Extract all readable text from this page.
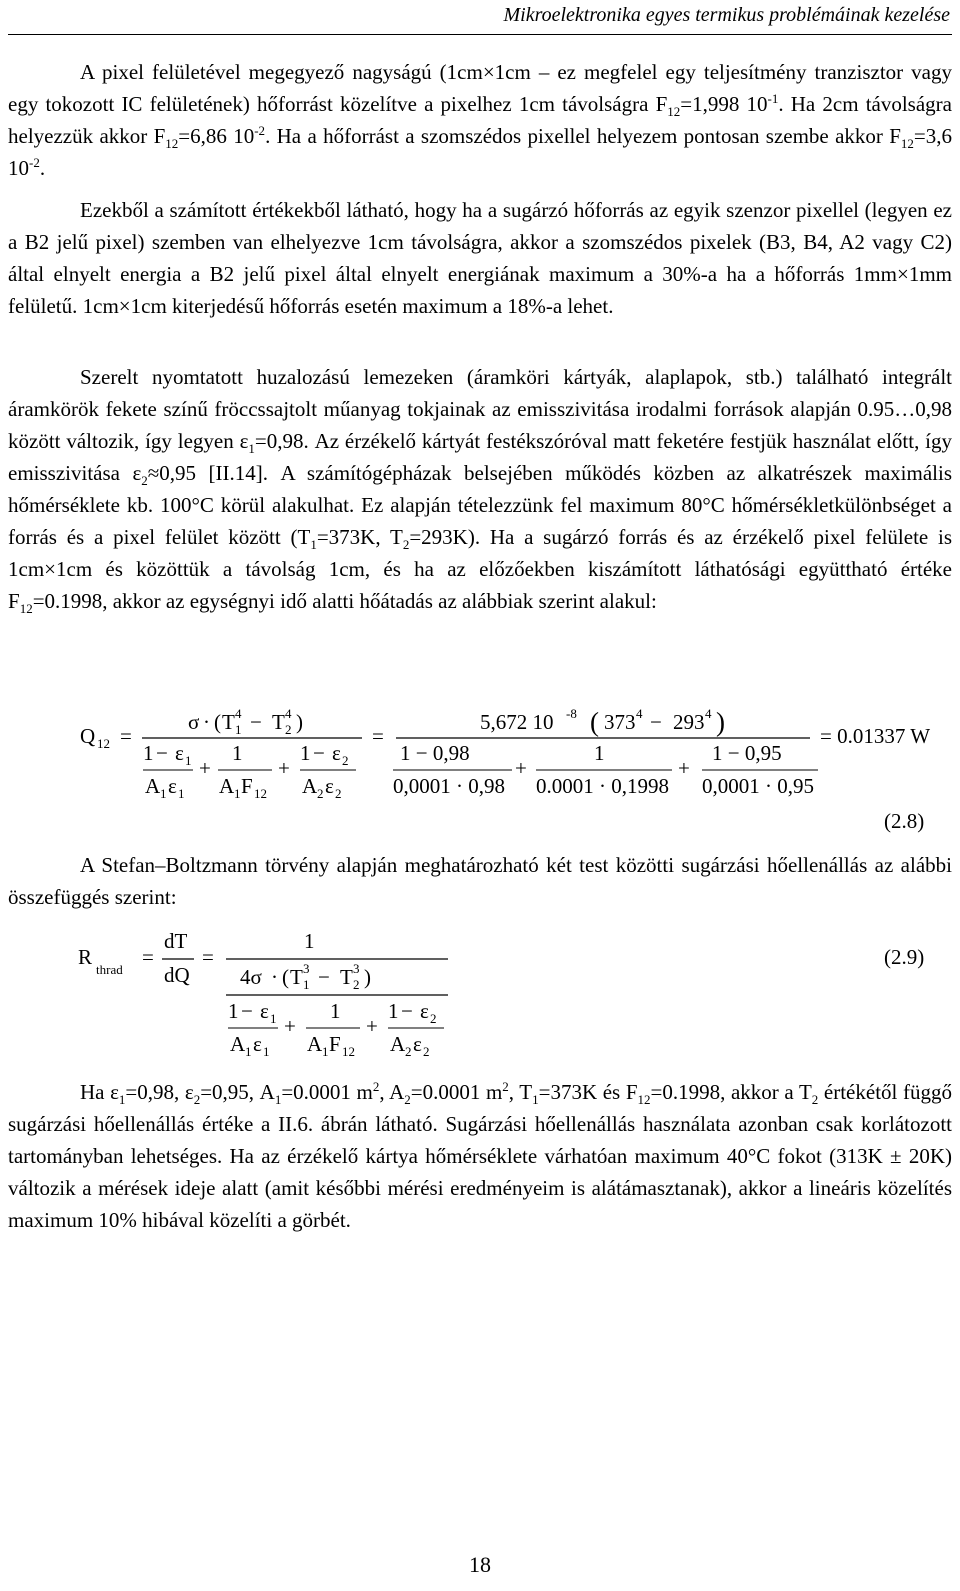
Mikroelektronika egyes termikus problémáinak kezelése

A pixel felületével megegyező nagyságú (1cm×1cm – ez megfelel egy teljesítmény tranzisztor vagy egy tokozott IC felületének) hőforrást közelítve a pixelhez 1cm távolságra $F_{12}=1,998$ $10^{-1}$. Ha 2cm távolságra helyezzük akkor $F_{12}=6,86$ $10^{-2}$. Ha a hőforrást a szomszédos pixellel helyezem pontosan szembe akkor $F_{12}=3,6$ $10^{-2}$.

Ezekből a számított értékekből látható, hogy ha a sugárzó hőforrás az egyik szenzor pixellel (legyen ez a B2 jelű pixel) szemben van elhelyezve 1cm távolságra, akkor a szomszédos pixelek (B3, B4, A2 vagy C2) által elnyelt energia a B2 jelű pixel által elnyelt energiának maximum a 30%-a ha a hőforrás 1mm×1mm felületű. 1cm×1cm kiterjedésű hőforrás esetén maximum a 18%-a lehet.

Szerelt nyomtatott huzalozású lemezeken (áramköri kártyák, alaplapok, stb.) található integrált áramkörök fekete színű fröccssajtolt műanyag tokjainak az emisszivitása irodalmi források alapján 0.95…0,98 között változik, így legyen $\varepsilon_1=0,98$. Az érzékelő kártyát festékszóróval matt feketére festjük használat előtt, így emisszivitása $\varepsilon_2\approx 0,95$ [II.14]. A számítógépházak belsejében működés közben az alkatrészek maximális hőmérséklete kb. 100°C körül alakulhat. Ez alapján tételezzünk fel maximum 80°C hőmérsékletkülönbséget a forrás és a pixel felület között ($T_1=373K$, $T_2=293K$). Ha a sugárzó forrás és az érzékelő pixel felülete is 1cm×1cm és közöttük a távolság 1cm, és ha az előzőekben kiszámított láthatósági együttható értéke $F_{12}=0.1998$, akkor az egységnyi idő alatti hőátadás az alábbiak szerint alakul:

Q 12 =
σ · ( T 1
4 − T 2
4 )
1 − ε 1
A 1 ε 1
+
1
A 1 F 12
+
1 − ε 2
A 2 ε 2
=
5,672 10 -8 ( 373 4 − 293 4 )
1 − 0,98
0,0001 · 0,98
+
1
0.0001 · 0,1998
+
1 − 0,95
0,0001 · 0,95
= 0.01337 W
(2.8)

A Stefan–Boltzmann törvény alapján meghatározható két test közötti sugárzási hőellenállás az alábbi összefüggés szerint:

R
thrad
=
dT
dQ
=
1
4σ · ( T 1
3 − T 2
3 )
1 − ε 1
A 1 ε 1
+
1
A 1 F 12
+
1 − ε 2
A 2 ε 2
(2.9)

Ha $\varepsilon_1=0,98$, $\varepsilon_2=0,95$, $A_1=0.0001$ $m^2$, $A_2=0.0001$ $m^2$, $T_1=373K$ és $F_{12}=0.1998$, akkor a $T_2$ értékétől függő sugárzási hőellenállás értéke a II.6. ábrán látható. Sugárzási hőellenállás használata azonban csak korlátozott tartományban lehetséges. Ha az érzékelő kártya hőmérséklete várhatóan maximum 40°C fokot (313K ± 20K) változik a mérések ideje alatt (amit későbbi mérési eredményeim is alátámasztanak), akkor a lineáris közelítés maximum 10% hibával közelíti a görbét.

18
